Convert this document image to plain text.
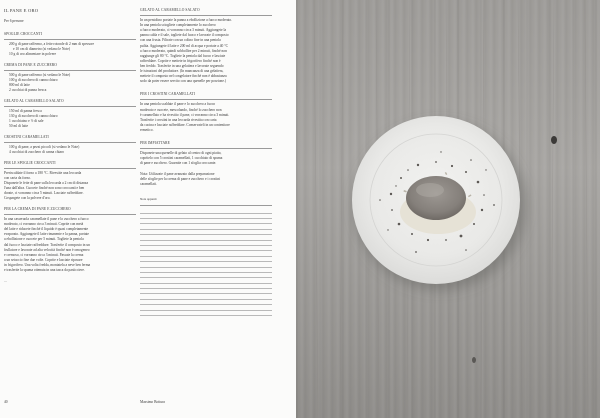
IL PANE E ORO

Per 6 persone

SPOGLIE CROCCANTI

200 g di pane raffermo, a fette rotonde di 2 mm di spessore
e 10 cm di diametro (si vedano le Note)
10 g di oro alimentare in polvere

CREMA DI PANE E ZUCCHERO

500 g di pane raffermo (si vedano le Note)
100 g di zucchero di canna chiaro
800 ml di latte
2 cucchiai di panna fresca

GELATO AL CARAMELLO SALATO

150 ml di panna fresca
130 g di zucchero di canna chiaro
1 cucchiaino e ½ di sale
50 ml di latte

CROSTINI CARAMELLATI

100 g di pane, a pezzi piccoli (si vedano le Note)
4 cucchiai di zucchero di canna chiaro

PER LE SPOGLIE CROCCANTI

Preriscaldate il forno a 180 °C. Rivestite una leccarda

con carta da forno.

Disponete le fette di pane sulla leccarda a 2 cm di distanza

l'una dall'altra. Cuocete finché non sono croccanti e ben

dorate, ci vorranno circa 5 minuti. Lasciate raffreddare.

Cospargete con la polvere d'oro.

PER LA CREMA DI PANE E ZUCCHERO

In una casseruola caramellate il pane e lo zucchero a fuoco

moderato, ci vorranno circa 3 minuti. Coprite con metà

del latte e riducete finché il liquido è quasi completamente

evaporato. Aggiungete il latte rimanente e la panna, portate

a ebollizione e cuocete per 5 minuti. Togliete la pentola

dal fuoco e lasciate raffreddare. Trasferite il composto in un

frullatore e lavorate ad alta velocità finché non è omogeneo

e cremoso, ci vorranno circa 3 minuti. Passate la crema

a un setaccio fine due volte. Coprite e lasciate riposare

in frigorifero. Una volta fredda, montatela a neve ben ferma

e trasferite la spuma ottenuta in una tasca da pasticciere.

...

GELATO AL CARAMELLO SALATO

In un pentolino portate la panna a ebollizione a fuoco moderato.

In una pentola sciogliete completamente lo zucchero

a fuoco moderato, ci vorranno circa 3 minuti. Aggiungete la

panna calda e il sale, togliete dal fuoco e lavorate il composto

con una frusta. Filtrate con un colino fine in una pentola

pulita. Aggiungete il latte e 200 ml di acqua e portate a 40 °C

a fuoco moderato, quindi sobbollire per 2 minuti, finché non

raggiunge gli 80 °C. Togliete la pentola dal fuoco e lasciate

raffreddare. Coprite e mettete in frigorifero finché non è

ben freddo. Trasferite in una gelatiera e lavorate seguendo

le istruzioni del produttore. (In mancanza di una gelatiera,

mettete il composto nel congelatore finché non è abbastanza

sodo da poter essere servito con una quenelle per porzione.)

PER I CROSTINI CARAMELLATI

In una pentola scaldate il pane e lo zucchero a fuoco

moderato e cuocete, mescolando, finché lo zucchero non

è caramellato e ha rivestito il pane, ci vorranno circa 3 minuti.

Trasferite i crostini in una leccarda rivestita con carta

da cucina e lasciate raffreddare. Conservateli in un contenitore

ermetico.

PER IMPIATTARE

Disponete una quenelle di gelato al centro di ogni piatto,

copritelo con 5 crostini caramellati, 1 cucchiaio di spuma

di pane e zucchero. Guarnite con 1 sfoglia croccante.

Nota: Utilizzate il pane avanzato dalla preparazione

delle sfoglie per la crema di pane e zucchero e i crostini

caramellati.

Note appunti

40	Massimo Bottura
